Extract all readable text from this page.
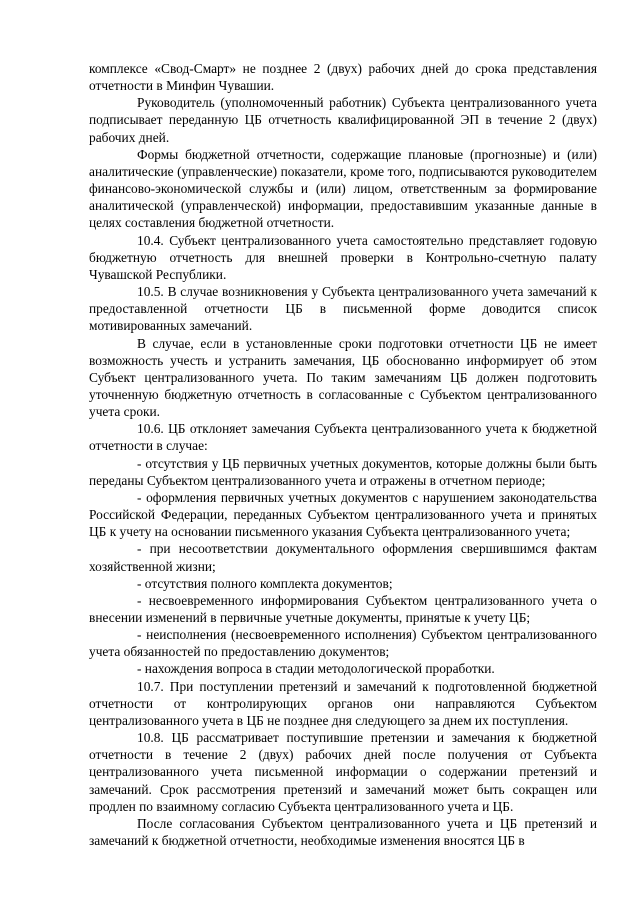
комплексе «Свод-Смарт» не позднее 2 (двух) рабочих дней до срока представления отчетности в Минфин Чувашии.

Руководитель (уполномоченный работник) Субъекта централизованного учета подписывает переданную ЦБ отчетность квалифицированной ЭП в течение 2 (двух) рабочих дней.

Формы бюджетной отчетности, содержащие плановые (прогнозные) и (или) аналитические (управленческие) показатели, кроме того, подписываются руководителем финансово-экономической службы и (или) лицом, ответственным за формирование аналитической (управленческой) информации, предоставившим указанные данные в целях составления бюджетной отчетности.

10.4. Субъект централизованного учета самостоятельно представляет годовую бюджетную отчетность для внешней проверки в Контрольно-счетную палату Чувашской Республики.

10.5. В случае возникновения у Субъекта централизованного учета замечаний к предоставленной отчетности ЦБ в письменной форме доводится список мотивированных замечаний.

В случае, если в установленные сроки подготовки отчетности ЦБ не имеет возможность учесть и устранить замечания, ЦБ обоснованно информирует об этом Субъект централизованного учета. По таким замечаниям ЦБ должен подготовить уточненную бюджетную отчетность в согласованные с Субъектом централизованного учета сроки.

10.6. ЦБ отклоняет замечания Субъекта централизованного учета к бюджетной отчетности в случае:

- отсутствия у ЦБ первичных учетных документов, которые должны были быть переданы Субъектом централизованного учета и отражены в отчетном периоде;

- оформления первичных учетных документов с нарушением законодательства Российской Федерации, переданных Субъектом централизованного учета и принятых ЦБ к учету на основании письменного указания Субъекта централизованного учета;

- при несоответствии документального оформления свершившимся фактам хозяйственной жизни;

- отсутствия полного комплекта документов;

- несвоевременного информирования Субъектом централизованного учета о внесении изменений в первичные учетные документы, принятые к учету ЦБ;

- неисполнения (несвоевременного исполнения) Субъектом централизованного учета обязанностей по предоставлению документов;

- нахождения вопроса в стадии методологической проработки.

10.7. При поступлении претензий и замечаний к подготовленной бюджетной отчетности от контролирующих органов они направляются Субъектом централизованного учета в ЦБ не позднее дня следующего за днем их поступления.

10.8. ЦБ рассматривает поступившие претензии и замечания к бюджетной отчетности в течение 2 (двух) рабочих дней после получения от Субъекта централизованного учета письменной информации о содержании претензий и замечаний. Срок рассмотрения претензий и замечаний может быть сокращен или продлен по взаимному согласию Субъекта централизованного учета и ЦБ.

После согласования Субъектом централизованного учета и ЦБ претензий и замечаний к бюджетной отчетности, необходимые изменения вносятся ЦБ в
